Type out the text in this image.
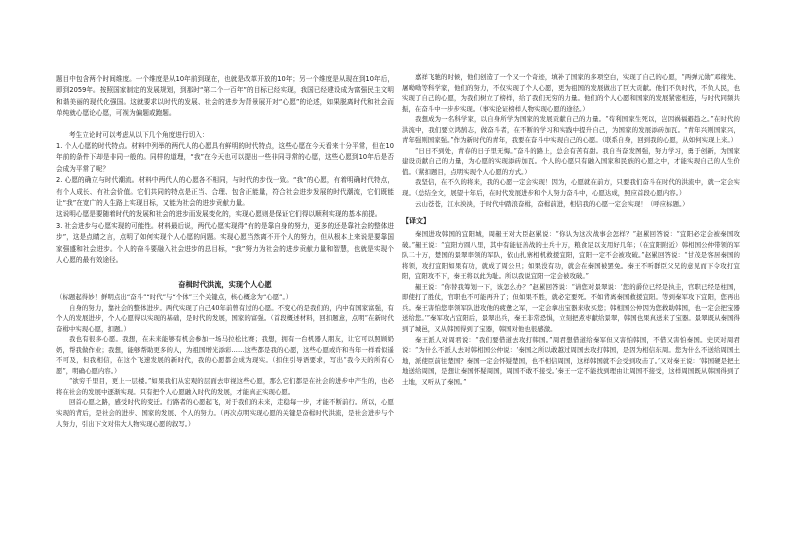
题目中包含两个时间维度。一个维度是从10年前到现在，也就是改革开放的10年；另一个维度是从现在到10年后，即到2059年。按照国家制定的发展规划，到那时“第二个一百年”的目标已经实现，我国已经建设成为富强民主文明和谐美丽的现代化强国。这就要求以时代的发展、社会的进步为背景展开对“心愿”的论述，如果脱离时代和社会而单纯就心愿论心愿，可视为偏题或跑题。

考生立论时可以考虑从以下几个角度进行切入：

1. 个人心愿的时代特点。材料中列举的两代人的心愿具有鲜明的时代特点，这些心愿在今天看来十分平常，但在10年前的条件下却是非同一般的。同样的道理，“我”在今天也可以提出一些非同寻常的心愿，这些心愿到10年后是否会成为平常了呢？

2. 心愿的确立与时代潮流。材料中两代人的心愿各不相同，与时代的步伐一致。“我”的心愿，有着明确时代特点，有个人成长、有社会价值。它们共同的特点是正当、合理、包含正能量，符合社会进步发展的时代潮流，它们既能让“我”在宽广的人生路上实现目标，又能为社会的进步贡献力量。

这说明心愿是要随着时代的发展和社会的进步而发展变化的，实现心愿则是保证它们得以顺利实现的基本前提。

3. 社会进步与心愿实现的可能性。材料最后说，两代心愿实现得“有的是靠自身的努力，更多的还是靠社会的整体进步”，这是点睛之言，点明了如何实现个人心愿的问题。实现心愿当然离不开个人的努力，但从根本上来说是要靠国家强盛和社会进步。个人的奋斗要融入社会进步的总目标，“我”努力为社会的进步贡献力量和智慧，也就是实现个人心愿的最有效途径。

奋楫时代洪流，实现个人心愿

（标题起得妙！鲜明点出“奋斗”“时代”与“个体”三个关键点，核心概念为“心愿”。）

自身的努力，靠社会的整体进步。两代实现了自己40年前曾有过的心愿。不变心的是我们的，内中有国家富强，有个人的发展进步，个人心愿得以实现的基础，是时代的发展，国家的富强。（首段概述材料，回扣题意，点明“在新时代奋楫中实现心愿，扣题。）

我也有很多心愿。我想，在未来能够有机会参加一场马拉松比赛；我想，拥有一台机器人朋友，让它可以照顾奶奶，帮我做作业；我想，能够帮助更多的人，为祖国增光添彩……这些都是我的心愿，这些心愿或许和当年一样看似遥不可及，但我相信，在这个飞速发展的新时代，我的心愿都会成为现实。（扣住引导语要求，写出“我今天的所有心愿”，明确心愿内容。）

“欲穷千里目，更上一层楼。”如果我们从宏观的层面去审视这些心愿，那么它们都是在社会的进步中产生的，也必将在社会的发展中逐渐实现。只有把个人心愿融入时代的发展，才能真正实现心愿。

回首心愿之路，感受时代的变迁。行路者的心愿起飞，对于我们的未来，走稳每一步，才能不断前行。所以，心愿实现的背后，是社会的进步、国家的发展、个人的努力。（再次点明实现心愿的关键是奋楫时代洪流，是社会进步与个人努力，引出下文对伟大人物实现心愿的叙写。）

嘉祥飞驰的时候，他们创造了一个又一个奇迹，填补了国家的多项空白，实现了自己的心愿，“两弹元勋”邓稼先、屠呦呦等科学家，他们的努力，不仅实现了个人心愿，更为祖国的发展做出了巨大贡献。他们不负时代，不负人民，也实现了自己的心愿，为我们树立了榜样，给了我们无穷的力量。他们的个人心愿和国家的发展紧密相连，与时代同频共振，在奋斗中一步步实现。（事实论证榜样人物实现心愿的途径。）

我想成为一名科学家，以自身所学为国家的发展贡献自己的力量。“苟利国家生死以，岂因祸福避趋之。”在时代的洪流中，我们要立鸿鹄志，做奋斗者，在不断的学习和实践中提升自己，为国家的发展添砖加瓦。“青年兴则国家兴，青年强则国家强。”作为新时代的青年，我要在奋斗中实现自己的心愿。（联系自身，回到我的心愿，从如何实现上来。）

“日日不到处，青春的日子里无悔。”奋斗的路上，总会有苦有甜。我自当奋发图强，努力学习，勇于创新，为国家建设贡献自己的力量，为心愿的实现添砖加瓦。个人的心愿只有融入国家和民族的心愿之中，才能实现自己的人生价值。（紧扣题目，点明实现个人心愿的方式。）

我坚信，在不久的将来，我的心愿一定会实现！因为，心愿就在前方，只要我们奋斗在时代的洪流中，就一定会实现。（总结全文，展望十年后，在时代发展进步和个人努力奋斗中，心愿达成，照应首段心愿内容。）

云山苍苍，江水泱泱，于时代中踏浪奋楫，奋楫前进，相信我的心愿一定会实现！（呼应标题。）

【译文】

秦国进攻韩国的宜阳城，周赧王对大臣赵累说：“你认为这次战事会怎样？”赵累回答说：“宜阳必定会被秦国攻破。”赧王说：“宜阳方圆八里，其中有能征善战的士兵十万，粮食足以支用好几年；（在宜阳附近）韩相国公仲带领的军队二十万，楚国的景翠率领的军队，依山扎寨相机救援宜阳，宜阳一定不会被攻破。”赵累回答说：“甘茂是客居秦国的将领，攻打宜阳如果有功，就成了周公旦；如果没有功，就会在秦国被罢免。秦王不听群臣父兄的意见而下令攻打宜阳，宜阳攻不下，秦王将以此为耻。所以我说宜阳一定会被攻破。”

赧王说：“你替我筹划一下，该怎么办？”赵累回答说：“请您对景翠说：‘您的爵位已经是执圭，官职已经是柱国，即使打了胜仗，官职也不可能再升了；但如果不胜，就必定要死。不如背离秦国救援宜阳。等到秦军攻下宜阳，您再出兵。秦王害怕您率领军队进攻他的疲惫之军，一定会拿出宝器来收买您；韩相国公仲因为您救助韩国，也一定会把宝器送给您。’”秦军攻占宜阳后，景翠出兵，秦王非常恐惧，立刻把煮枣献给景翠，韩国也果真送来了宝器。景翠既从秦国得到了城邑，又从韩国得到了宝器，韩国对他也很感激。

秦王派人对周君说：“我们要借道去攻打韩国。”周君想借道给秦军但又害怕韩国，不借又害怕秦国。史厌对周君说：“为什么不派人去对韩相国公仲说：‘秦国之所以敢越过周国去攻打韩国，是因为相信东周。您为什么不送给周国土地，派使臣前往楚国？秦国一定会怀疑楚国，也不相信周国，这样韩国就不会受到攻击了。’又对秦王说：‘韩国硬是把土地送给周国，是想让秦国怀疑周国，周国不敢不接受。’秦王一定不能找到理由让周国不接受，这样周国既从韩国得到了土地，又听从了秦国。”
